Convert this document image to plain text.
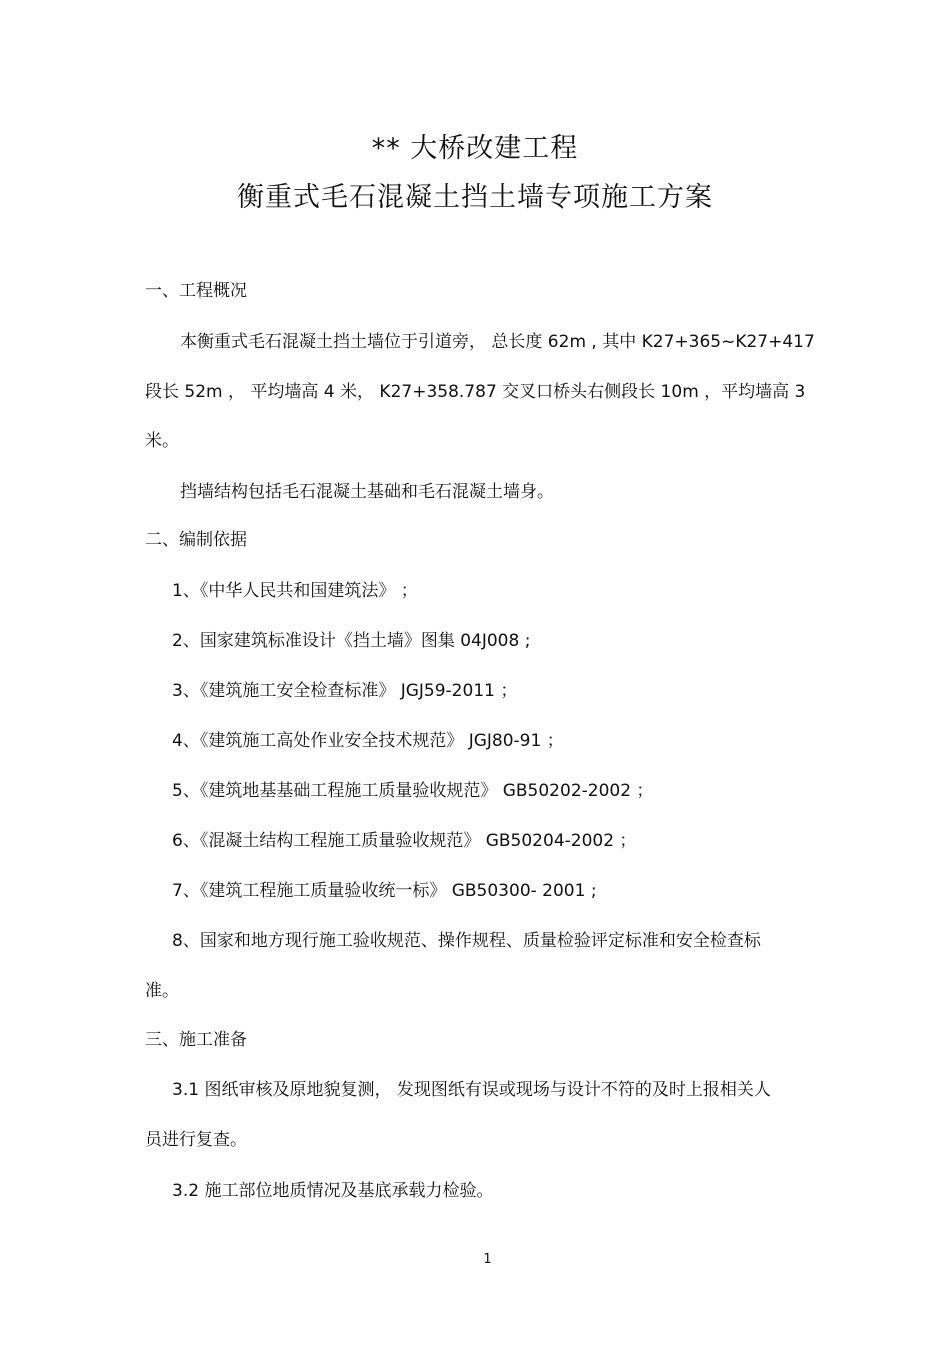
** 大桥改建工程
衡重式毛石混凝土挡土墙专项施工方案
一、工程概况
本衡重式毛石混凝土挡土墙位于引道旁， 总长度 62m , 其中 K27+365~K27+417
段长 52m ， 平均墙高 4 米， K27+358.787 交叉口桥头右侧段长 10m ，平均墙高 3
米。
挡墙结构包括毛石混凝土基础和毛石混凝土墙身。
二、编制依据
1、《中华人民共和国建筑法》 ；
2、国家建筑标准设计《挡土墙》图集 04J008 ;
3、《建筑施工安全检查标准》 JGJ59-2011 ；
4、《建筑施工高处作业安全技术规范》 JGJ80-91 ；
5、《建筑地基基础工程施工质量验收规范》 GB50202-2002 ；
6、《混凝土结构工程施工质量验收规范》 GB50204-2002 ；
7、《建筑工程施工质量验收统一标》 GB50300- 2001 ;
8、国家和地方现行施工验收规范、操作规程、质量检验评定标准和安全检查标
准。
三、施工准备
3.1 图纸审核及原地貌复测， 发现图纸有误或现场与设计不符的及时上报相关人
员进行复查。
3.2 施工部位地质情况及基底承载力检验。
1
